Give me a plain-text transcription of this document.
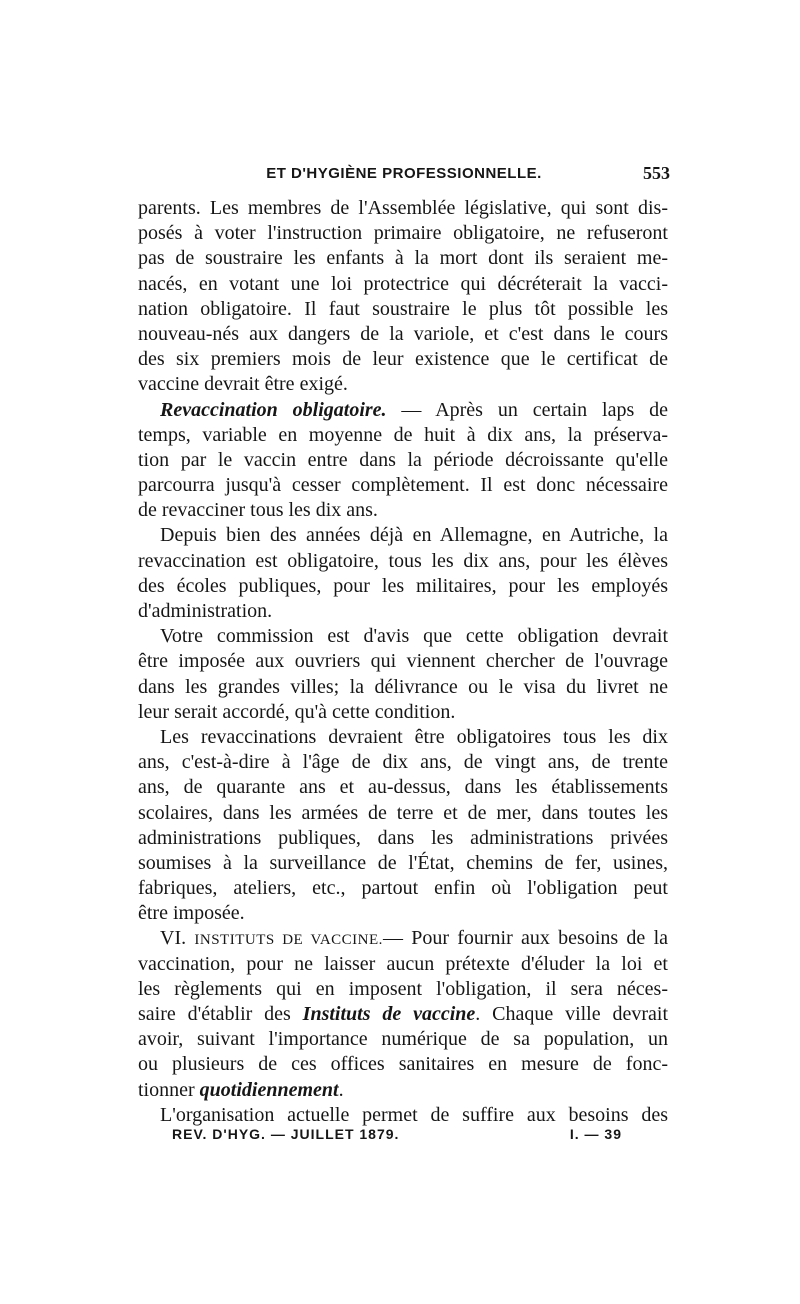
ET D'HYGIÈNE PROFESSIONNELLE.	553
parents. Les membres de l'Assemblée législative, qui sont dis-
posés à voter l'instruction primaire obligatoire, ne refuseront
pas de soustraire les enfants à la mort dont ils seraient me-
nacés, en votant une loi protectrice qui décréterait la vacci-
nation obligatoire. Il faut soustraire le plus tôt possible les
nouveau-nés aux dangers de la variole, et c'est dans le cours
des six premiers mois de leur existence que le certificat de
vaccine devrait être exigé.
Revaccination obligatoire. — Après un certain laps de
temps, variable en moyenne de huit à dix ans, la préserva-
tion par le vaccin entre dans la période décroissante qu'elle
parcourra jusqu'à cesser complètement. Il est donc nécessaire
de revacciner tous les dix ans.
Depuis bien des années déjà en Allemagne, en Autriche, la
revaccination est obligatoire, tous les dix ans, pour les élèves
des écoles publiques, pour les militaires, pour les employés
d'administration.
Votre commission est d'avis que cette obligation devrait
être imposée aux ouvriers qui viennent chercher de l'ouvrage
dans les grandes villes; la délivrance ou le visa du livret ne
leur serait accordé, qu'à cette condition.
Les revaccinations devraient être obligatoires tous les dix
ans, c'est-à-dire à l'âge de dix ans, de vingt ans, de trente
ans, de quarante ans et au-dessus, dans les établissements
scolaires, dans les armées de terre et de mer, dans toutes les
administrations publiques, dans les administrations privées
soumises à la surveillance de l'État, chemins de fer, usines,
fabriques, ateliers, etc., partout enfin où l'obligation peut
être imposée.
VI. INSTITUTS DE VACCINE.— Pour fournir aux besoins de la
vaccination, pour ne laisser aucun prétexte d'éluder la loi et
les règlements qui en imposent l'obligation, il sera néces-
saire d'établir des Instituts de vaccine. Chaque ville devrait
avoir, suivant l'importance numérique de sa population, un
ou plusieurs de ces offices sanitaires en mesure de fonc-
tionner quotidiennement.
L'organisation actuelle permet de suffire aux besoins des
REV. D'HYG. — JUILLET 1879.	I. — 39
